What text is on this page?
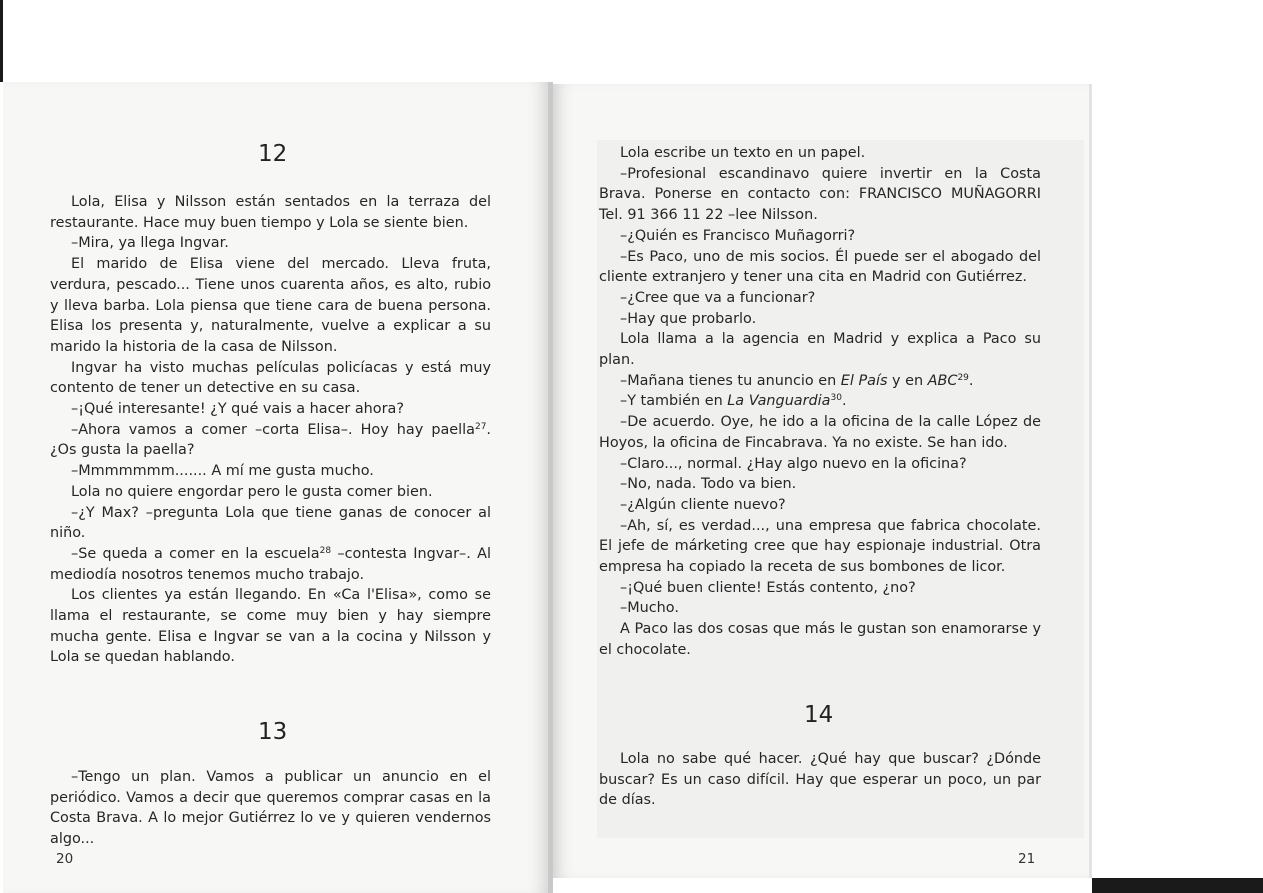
12

Lola, Elisa y Nilsson están sentados en la terraza del restaurante. Hace muy buen tiempo y Lola se siente bien.

–Mira, ya llega Ingvar.

El marido de Elisa viene del mercado. Lleva fruta, verdura, pescado... Tiene unos cuarenta años, es alto, rubio y lleva barba. Lola piensa que tiene cara de buena persona. Elisa los presenta y, naturalmente, vuelve a explicar a su marido la historia de la casa de Nilsson.

Ingvar ha visto muchas películas policíacas y está muy contento de tener un detective en su casa.

–¡Qué interesante! ¿Y qué vais a hacer ahora?

–Ahora vamos a comer –corta Elisa–. Hoy hay paella$^{27}$. ¿Os gusta la paella?

–Mmmmmmm....... A mí me gusta mucho.

Lola no quiere engordar pero le gusta comer bien.

–¿Y Max? –pregunta Lola que tiene ganas de conocer al niño.

–Se queda a comer en la escuela$^{28}$ –contesta Ingvar–. Al mediodía nosotros tenemos mucho trabajo.

Los clientes ya están llegando. En «Ca l'Elisa», como se llama el restaurante, se come muy bien y hay siempre mucha gente. Elisa e Ingvar se van a la cocina y Nilsson y Lola se quedan hablando.

13

–Tengo un plan. Vamos a publicar un anuncio en el periódico. Vamos a decir que queremos comprar casas en la Costa Brava. A lo mejor Gutiérrez lo ve y quieren vendernos algo...

20

Lola escribe un texto en un papel.

–Profesional escandinavo quiere invertir en la Costa Brava. Ponerse en contacto con: FRANCISCO MUÑAGORRI Tel. 91 366 11 22 –lee Nilsson.

–¿Quién es Francisco Muñagorri?

–Es Paco, uno de mis socios. Él puede ser el abogado del cliente extranjero y tener una cita en Madrid con Gutiérrez.

–¿Cree que va a funcionar?

–Hay que probarlo.

Lola llama a la agencia en Madrid y explica a Paco su plan.

–Mañana tienes tu anuncio en El País y en ABC$^{29}$.

–Y también en La Vanguardia$^{30}$.

–De acuerdo. Oye, he ido a la oficina de la calle López de Hoyos, la oficina de Fincabrava. Ya no existe. Se han ido.

–Claro..., normal. ¿Hay algo nuevo en la oficina?

–No, nada. Todo va bien.

–¿Algún cliente nuevo?

–Ah, sí, es verdad..., una empresa que fabrica chocolate. El jefe de márketing cree que hay espionaje industrial. Otra empresa ha copiado la receta de sus bombones de licor.

–¡Qué buen cliente! Estás contento, ¿no?

–Mucho.

A Paco las dos cosas que más le gustan son enamorarse y el chocolate.

14

Lola no sabe qué hacer. ¿Qué hay que buscar? ¿Dónde buscar? Es un caso difícil. Hay que esperar un poco, un par de días.

21
